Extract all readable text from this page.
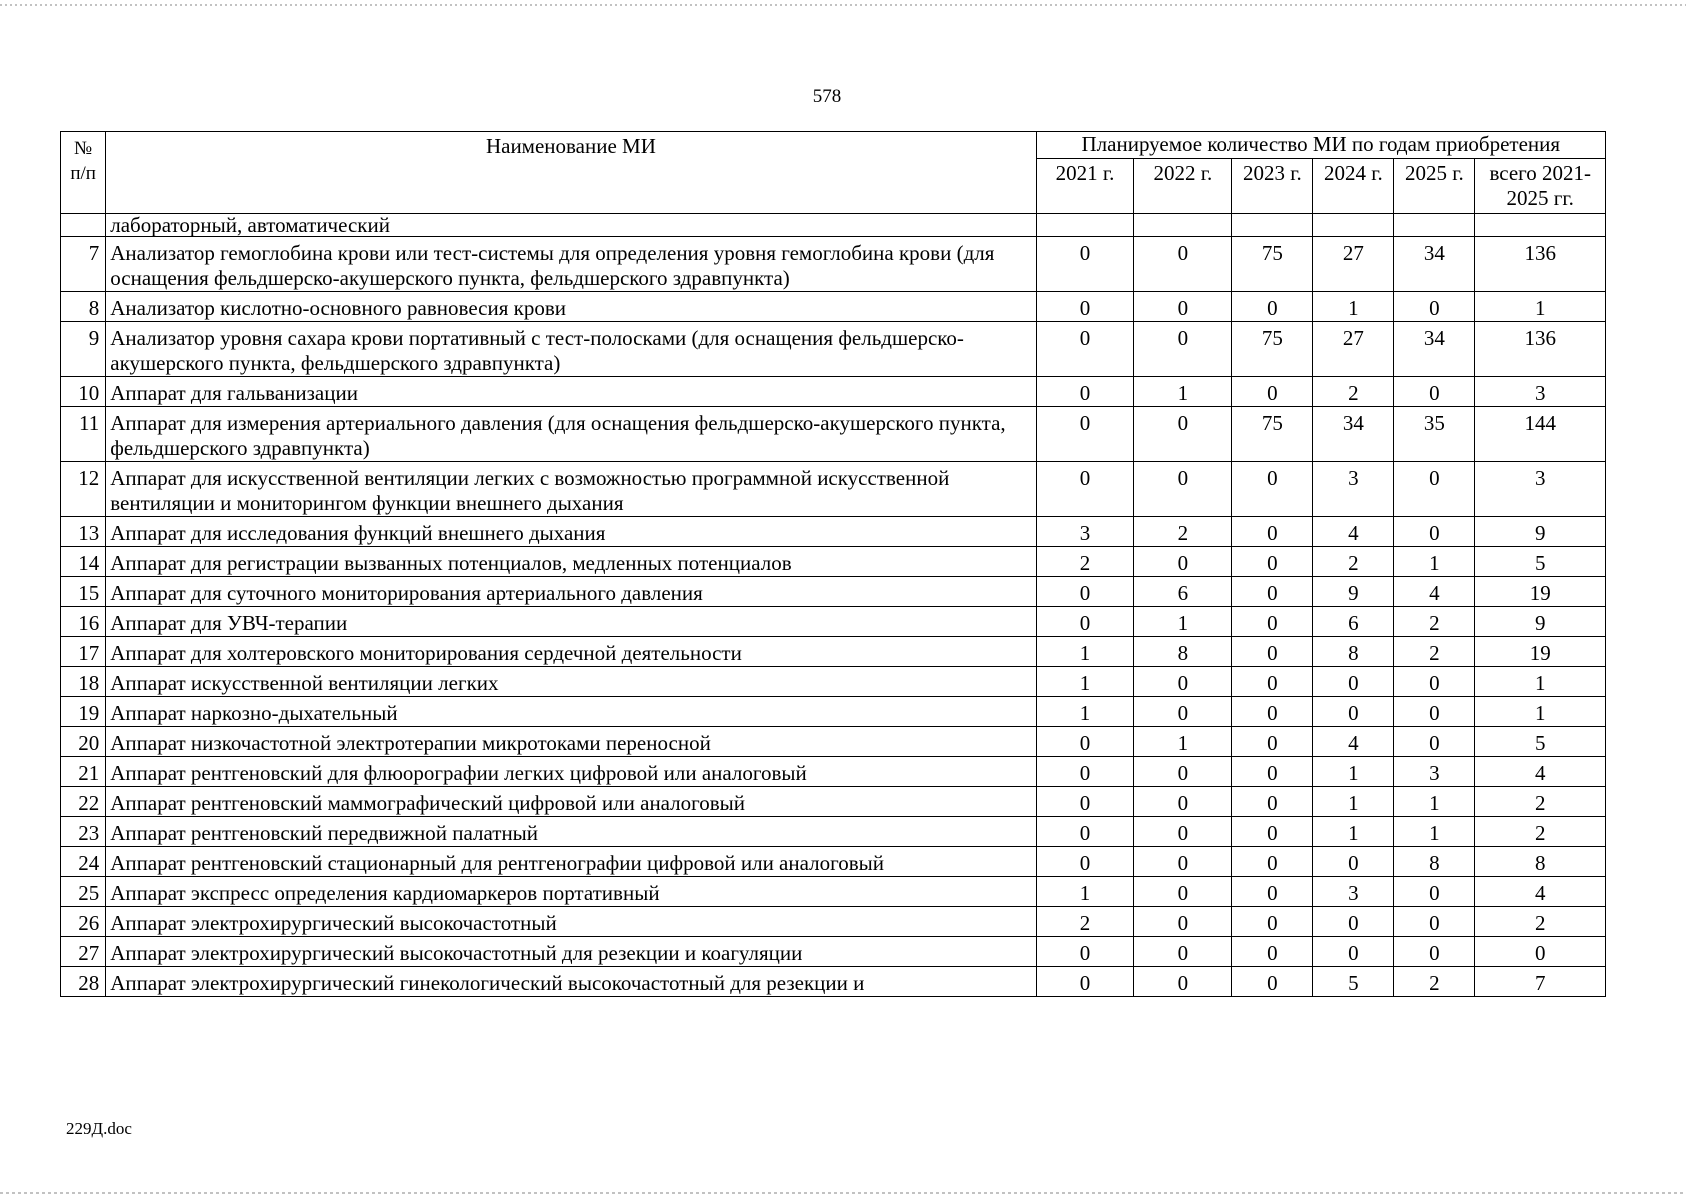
578
№ п/п	Наименование МИ	Планируемое количество МИ по годам приобретения					
		2021 г.	2022 г.	2023 г.	2024 г.	2025 г.	всего 2021-2025 гг.
	лабораторный, автоматический						
7	Анализатор гемоглобина крови или тест-системы для определения уровня гемоглобина крови (для оснащения фельдшерско-акушерского пункта, фельдшерского здравпункта)	0	0	75	27	34	136
8	Анализатор кислотно-основного равновесия крови	0	0	0	1	0	1
9	Анализатор уровня сахара крови портативный с тест-полосками (для оснащения фельдшерско-акушерского пункта, фельдшерского здравпункта)	0	0	75	27	34	136
10	Аппарат для гальванизации	0	1	0	2	0	3
11	Аппарат для измерения артериального давления (для оснащения фельдшерско-акушерского пункта, фельдшерского здравпункта)	0	0	75	34	35	144
12	Аппарат для искусственной вентиляции легких с возможностью программной искусственной вентиляции и мониторингом функции внешнего дыхания	0	0	0	3	0	3
13	Аппарат для исследования функций внешнего дыхания	3	2	0	4	0	9
14	Аппарат для регистрации вызванных потенциалов, медленных потенциалов	2	0	0	2	1	5
15	Аппарат для суточного мониторирования артериального давления	0	6	0	9	4	19
16	Аппарат для УВЧ-терапии	0	1	0	6	2	9
17	Аппарат для холтеровского мониторирования сердечной деятельности	1	8	0	8	2	19
18	Аппарат искусственной вентиляции легких	1	0	0	0	0	1
19	Аппарат наркозно-дыхательный	1	0	0	0	0	1
20	Аппарат низкочастотной электротерапии микротоками переносной	0	1	0	4	0	5
21	Аппарат рентгеновский для флюорографии легких цифровой или аналоговый	0	0	0	1	3	4
22	Аппарат рентгеновский маммографический цифровой или аналоговый	0	0	0	1	1	2
23	Аппарат рентгеновский передвижной палатный	0	0	0	1	1	2
24	Аппарат рентгеновский стационарный для рентгенографии цифровой или аналоговый	0	0	0	0	8	8
25	Аппарат экспресс определения кардиомаркеров портативный	1	0	0	3	0	4
26	Аппарат электрохирургический высокочастотный	2	0	0	0	0	2
27	Аппарат электрохирургический высокочастотный для резекции и коагуляции	0	0	0	0	0	0
28	Аппарат электрохирургический гинекологический высокочастотный для резекции и	0	0	0	5	2	7
229Д.doc
